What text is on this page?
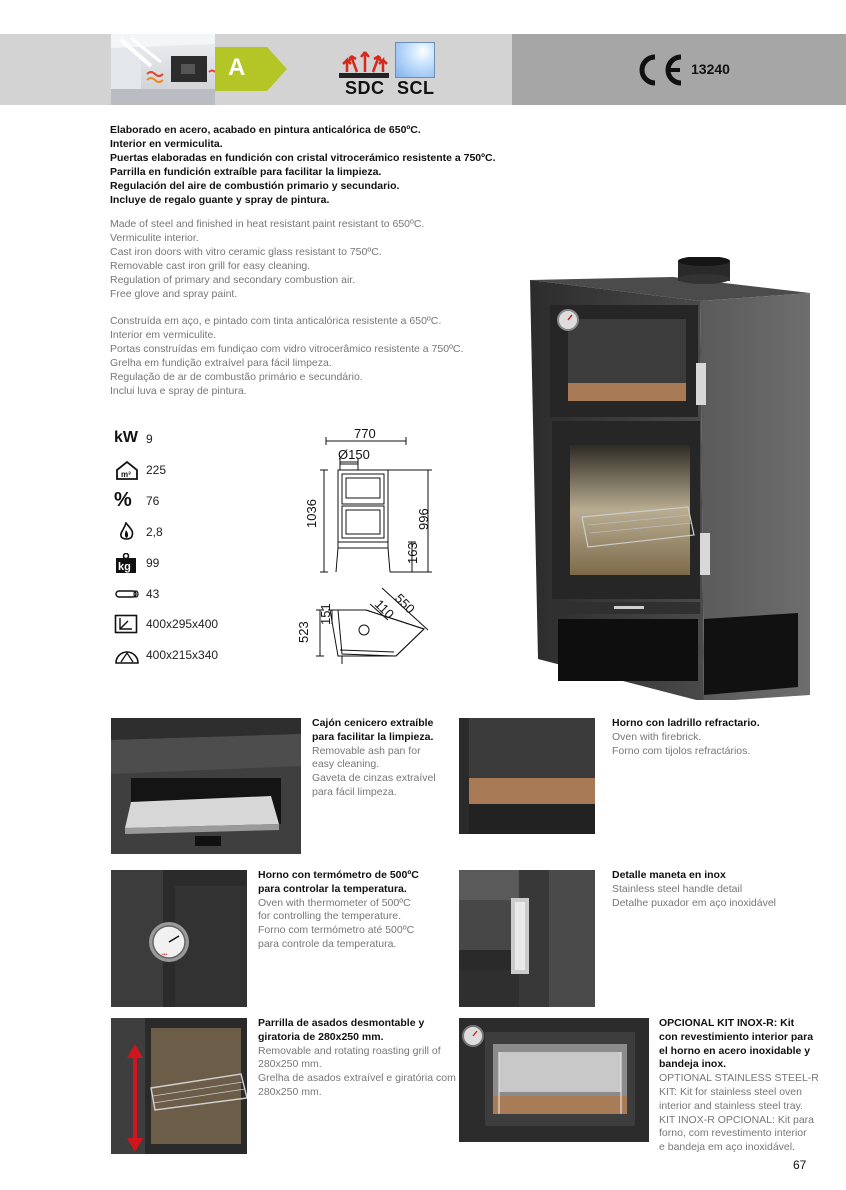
A
SDC SCL
13240
Elaborado en acero, acabado en pintura anticalórica de 650ºC.
Interior en vermiculita.
Puertas elaboradas en fundición con cristal vitrocerámico resistente a 750ºC.
Parrilla en fundición extraíble para facilitar la limpieza.
Regulación del aire de combustión primario y secundario.
Incluye de regalo guante y spray de pintura.
Made of steel and finished in heat resistant paint resistant to 650ºC.
Vermiculite interior.
Cast iron doors with vitro ceramic glass resistant to 750ºC.
Removable cast iron grill for easy cleaning.
Regulation of primary and secondary combustion air.
Free glove and spray paint.
Construída em aço, e pintado com tinta anticalórica resistente a 650ºC.
Interior em vermiculite.
Portas construídas em fundiçao com vidro vitrocerâmico resistente a 750ºC.
Grelha em fundição extraível para fácil limpeza.
Regulação de ar de combustão primário e secundário.
Inclui luva e spray de pintura.
kW 9
m³ 225
%	76
2,8
kg 99
43
400x295x400
400x215x340
770
Ø150
1036	996
163
523
151	550
110
Cajón cenicero extraíble
para facilitar la limpieza.
Removable ash pan for
easy cleaning.
Gaveta de cinzas extraível
para fácil limpeza.
Horno con ladrillo refractario.
Oven with firebrick.
Forno com tijolos refractários.
•••
Horno con termómetro de 500ºC
para controlar la temperatura.
Oven with thermometer of 500ºC
for controlling the temperature.
Forno com termómetro até 500ºC
para controle da temperatura.
Detalle maneta en inox
Stainless steel handle detail
Detalhe puxador em aço inoxidável
Parrilla de asados desmontable y
giratoria de 280x250 mm.
Removable and rotating roasting grill of
280x250 mm.
Grelha de asados extraível e giratória com
280x250 mm.
OPCIONAL KIT INOX-R: Kit
con revestimiento interior para
el horno en acero inoxidable y
bandeja inox.
OPTIONAL STAINLESS STEEL-R
KIT: Kit for stainless steel oven
interior and stainless steel tray.
KIT INOX-R OPCIONAL: Kit para
forno, com revestimento interior
e bandeja em aço inoxidável.
67
